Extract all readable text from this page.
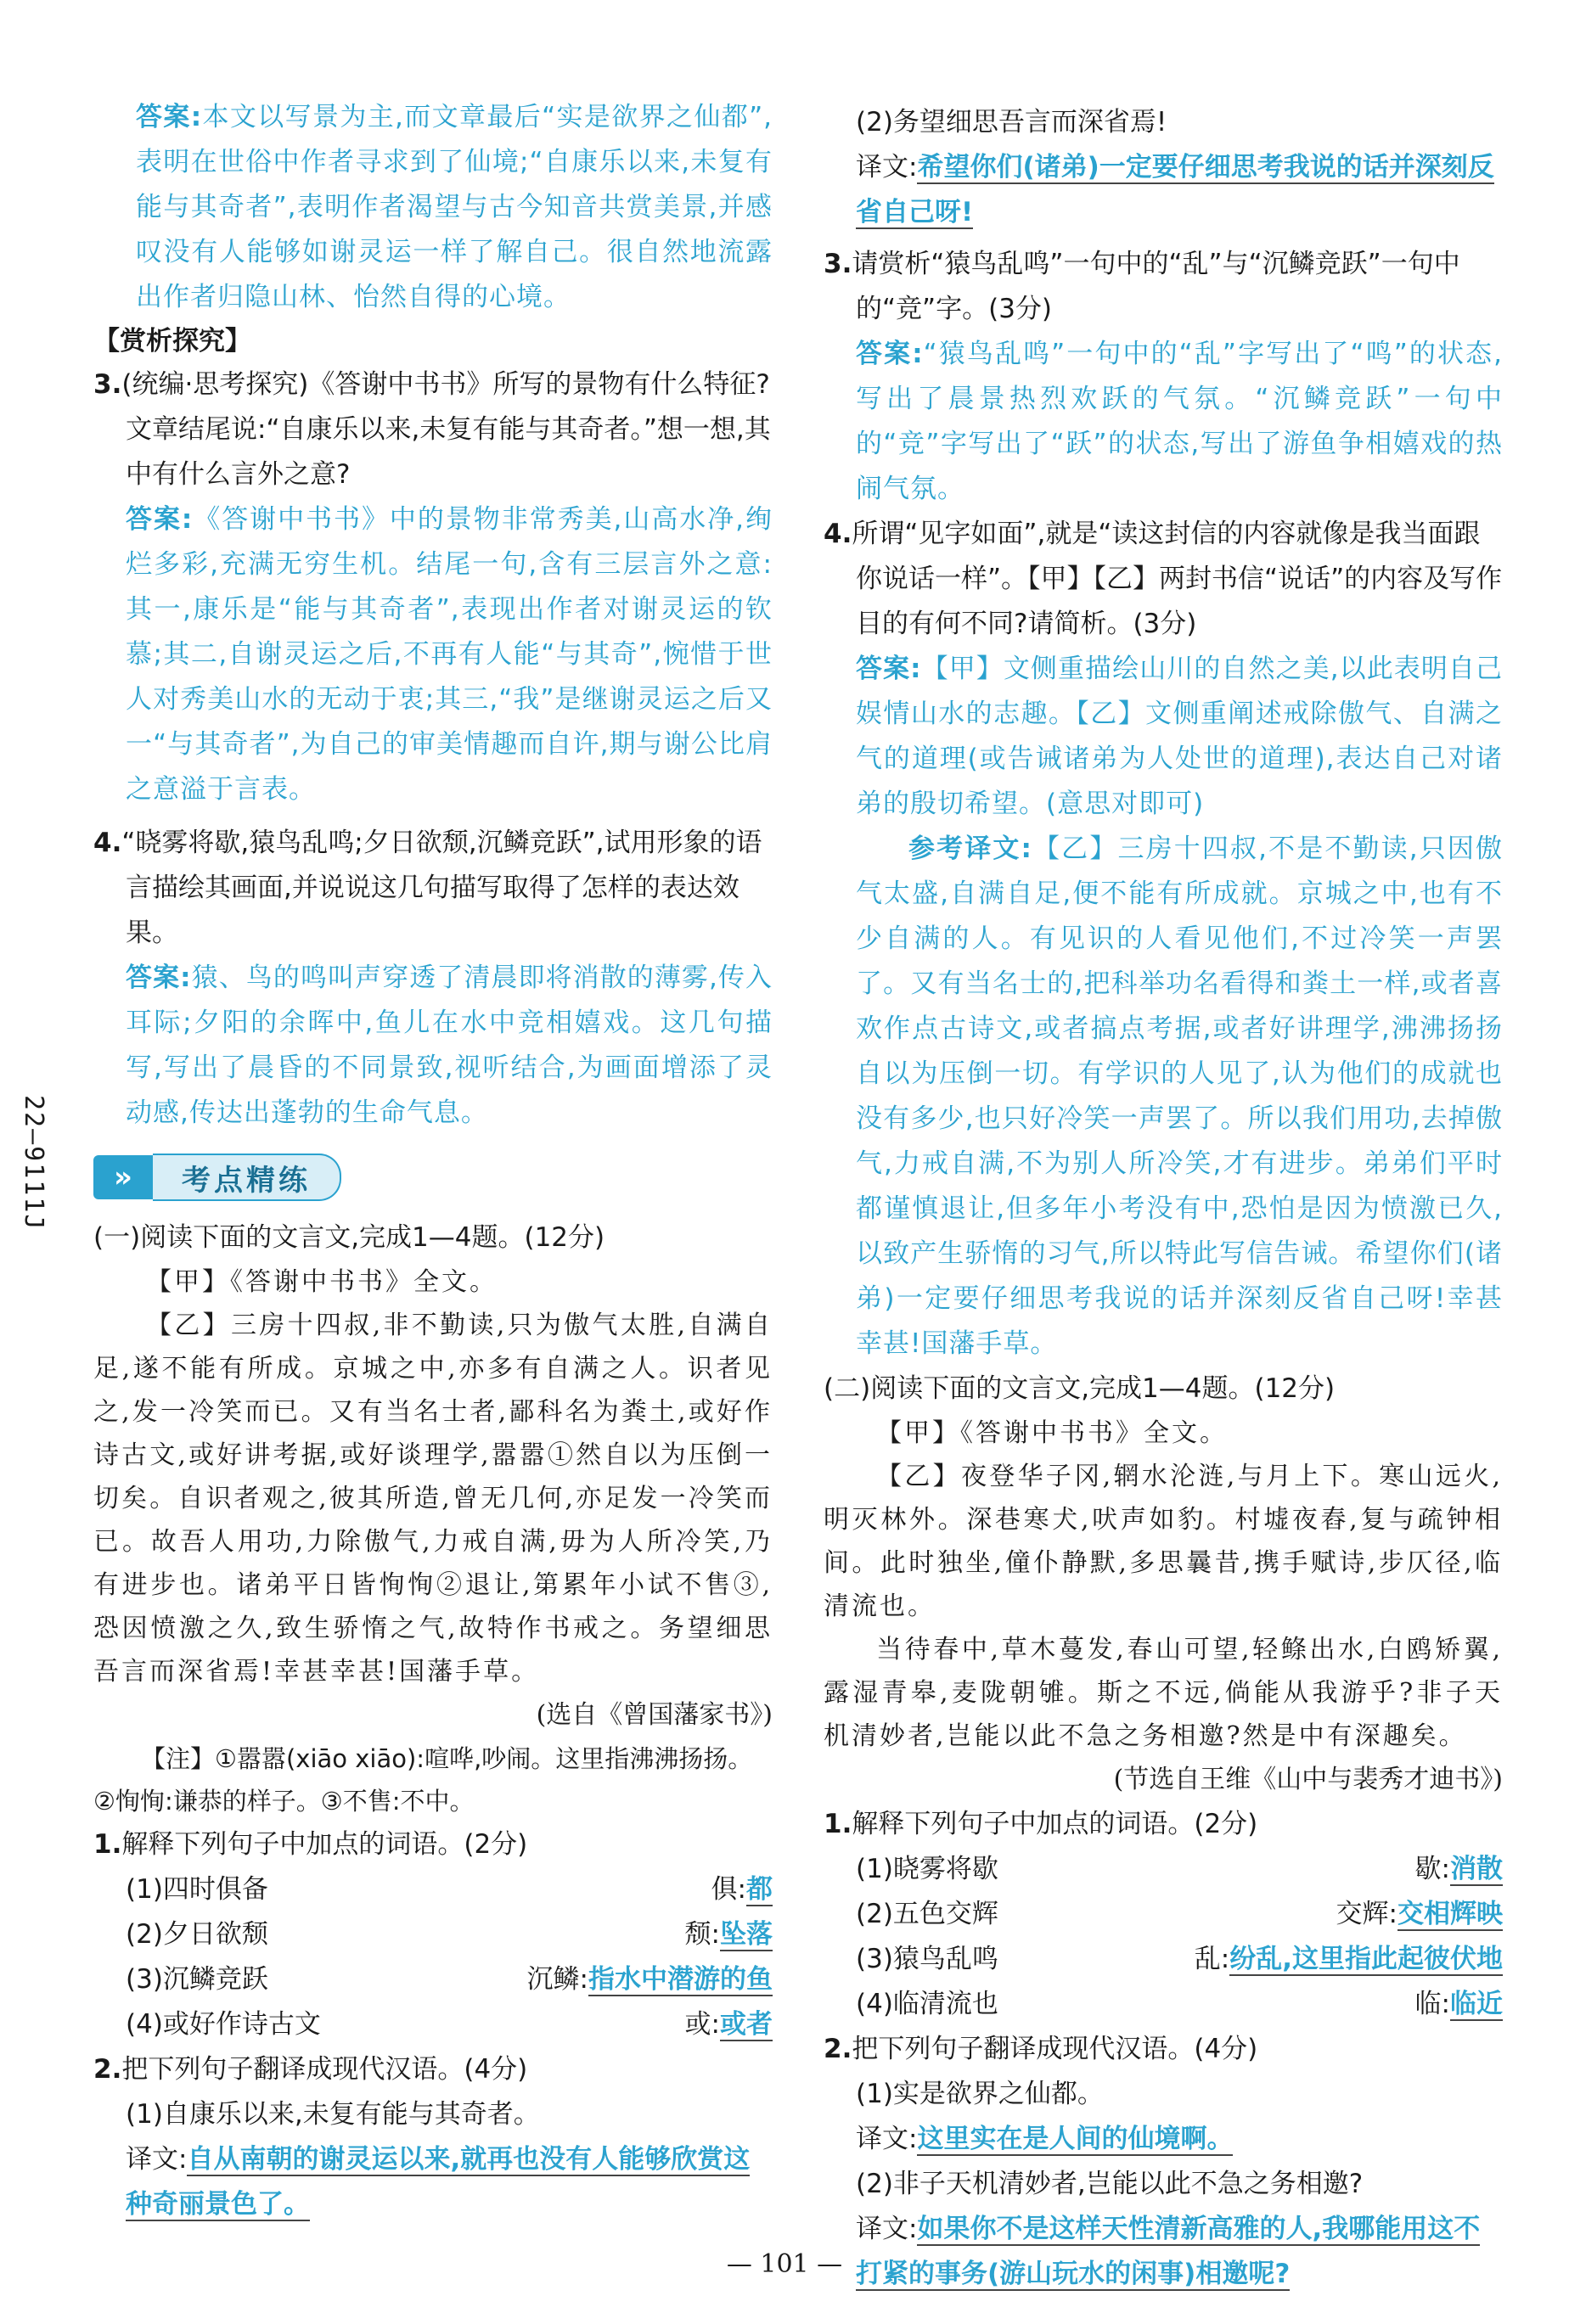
22—9111J

答案:本文以写景为主,而文章最后“实是欲界之仙都”,表明在世俗中作者寻求到了仙境;“自康乐以来,未复有能与其奇者”,表明作者渴望与古今知音共赏美景,并感叹没有人能够如谢灵运一样了解自己。很自然地流露出作者归隐山林、怡然自得的心境。

【赏析探究】

3.(统编·思考探究)《答谢中书书》所写的景物有什么特征?文章结尾说:“自康乐以来,未复有能与其奇者。”想一想,其中有什么言外之意?

答案:《答谢中书书》中的景物非常秀美,山高水净,绚烂多彩,充满无穷生机。结尾一句,含有三层言外之意:其一,康乐是“能与其奇者”,表现出作者对谢灵运的钦慕;其二,自谢灵运之后,不再有人能“与其奇”,惋惜于世人对秀美山水的无动于衷;其三,“我”是继谢灵运之后又一“与其奇者”,为自己的审美情趣而自许,期与谢公比肩之意溢于言表。

4.“晓雾将歇,猿鸟乱鸣;夕日欲颓,沉鳞竞跃”,试用形象的语言描绘其画面,并说说这几句描写取得了怎样的表达效果。

答案:猿、鸟的鸣叫声穿透了清晨即将消散的薄雾,传入耳际;夕阳的余晖中,鱼儿在水中竞相嬉戏。这几句描写,写出了晨昏的不同景致,视听结合,为画面增添了灵动感,传达出蓬勃的生命气息。

»	考点精练

(一)阅读下面的文言文,完成1—4题。(12分)

【甲】《答谢中书书》全文。

【乙】三房十四叔,非不勤读,只为傲气太胜,自满自足,遂不能有所成。京城之中,亦多有自满之人。识者见之,发一冷笑而已。又有当名士者,鄙科名为粪土,或好作诗古文,或好讲考据,或好谈理学,嚣嚣①然自以为压倒一切矣。自识者观之,彼其所造,曾无几何,亦足发一冷笑而已。故吾人用功,力除傲气,力戒自满,毋为人所冷笑,乃有进步也。诸弟平日皆恂恂②退让,第累年小试不售③,恐因愤激之久,致生骄惰之气,故特作书戒之。务望细思吾言而深省焉!幸甚幸甚!国藩手草。

(选自《曾国藩家书》)

【注】①嚣嚣(xiāo xiāo):喧哗,吵闹。这里指沸沸扬扬。②恂恂:谦恭的样子。③不售:不中。

1.解释下列句子中加点的词语。(2分)

(1)四时俱备	俱:都
(2)夕日欲颓	颓:坠落
(3)沉鳞竞跃	沉鳞:指水中潜游的鱼
(4)或好作诗古文	或:或者

2.把下列句子翻译成现代汉语。(4分)

(1)自康乐以来,未复有能与其奇者。

译文:自从南朝的谢灵运以来,就再也没有人能够欣赏这种奇丽景色了。

(2)务望细思吾言而深省焉!

译文:希望你们(诸弟)一定要仔细思考我说的话并深刻反省自己呀!

3.请赏析“猿鸟乱鸣”一句中的“乱”与“沉鳞竞跃”一句中的“竞”字。(3分)

答案:“猿鸟乱鸣”一句中的“乱”字写出了“鸣”的状态,写出了晨景热烈欢跃的气氛。“沉鳞竞跃”一句中的“竞”字写出了“跃”的状态,写出了游鱼争相嬉戏的热闹气氛。

4.所谓“见字如面”,就是“读这封信的内容就像是我当面跟你说话一样”。【甲】【乙】两封书信“说话”的内容及写作目的有何不同?请简析。(3分)

答案:【甲】文侧重描绘山川的自然之美,以此表明自己娱情山水的志趣。【乙】文侧重阐述戒除傲气、自满之气的道理(或告诫诸弟为人处世的道理),表达自己对诸弟的殷切希望。(意思对即可)

参考译文:【乙】三房十四叔,不是不勤读,只因傲气太盛,自满自足,便不能有所成就。京城之中,也有不少自满的人。有见识的人看见他们,不过冷笑一声罢了。又有当名士的,把科举功名看得和粪土一样,或者喜欢作点古诗文,或者搞点考据,或者好讲理学,沸沸扬扬自以为压倒一切。有学识的人见了,认为他们的成就也没有多少,也只好冷笑一声罢了。所以我们用功,去掉傲气,力戒自满,不为别人所冷笑,才有进步。弟弟们平时都谨慎退让,但多年小考没有中,恐怕是因为愤激已久,以致产生骄惰的习气,所以特此写信告诫。希望你们(诸弟)一定要仔细思考我说的话并深刻反省自己呀!幸甚幸甚!国藩手草。

(二)阅读下面的文言文,完成1—4题。(12分)

【甲】《答谢中书书》全文。

【乙】夜登华子冈,辋水沦涟,与月上下。寒山远火,明灭林外。深巷寒犬,吠声如豹。村墟夜舂,复与疏钟相间。此时独坐,僮仆静默,多思曩昔,携手赋诗,步仄径,临清流也。

当待春中,草木蔓发,春山可望,轻鲦出水,白鸥矫翼,露湿青皋,麦陇朝雊。斯之不远,倘能从我游乎?非子天机清妙者,岂能以此不急之务相邀?然是中有深趣矣。

(节选自王维《山中与裴秀才迪书》)

1.解释下列句子中加点的词语。(2分)

(1)晓雾将歇	歇:消散
(2)五色交辉	交辉:交相辉映
(3)猿鸟乱鸣	乱:纷乱,这里指此起彼伏地
(4)临清流也	临:临近

2.把下列句子翻译成现代汉语。(4分)

(1)实是欲界之仙都。

译文:这里实在是人间的仙境啊。

(2)非子天机清妙者,岂能以此不急之务相邀?

译文:如果你不是这样天性清新高雅的人,我哪能用这不打紧的事务(游山玩水的闲事)相邀呢?

— 101 —
